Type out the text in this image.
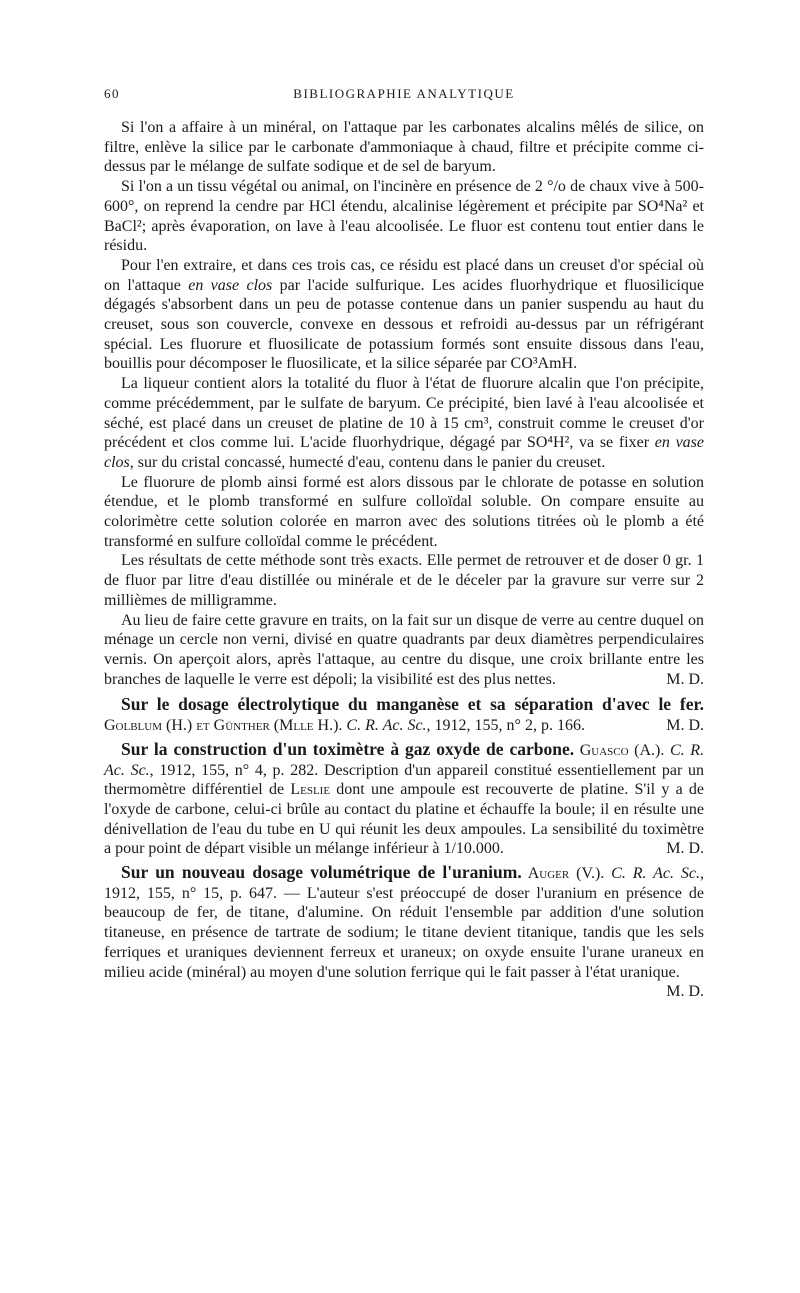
60	BIBLIOGRAPHIE ANALYTIQUE

Si l'on a affaire à un minéral, on l'attaque par les carbonates alcalins mêlés de silice, on filtre, enlève la silice par le carbonate d'ammoniaque à chaud, filtre et précipite comme ci-dessus par le mélange de sulfate sodique et de sel de baryum.

Si l'on a un tissu végétal ou animal, on l'incinère en présence de 2 °/o de chaux vive à 500-600°, on reprend la cendre par HCl étendu, alcalinise légèrement et précipite par SO⁴Na² et BaCl²; après évaporation, on lave à l'eau alcoolisée. Le fluor est contenu tout entier dans le résidu.

Pour l'en extraire, et dans ces trois cas, ce résidu est placé dans un creuset d'or spécial où on l'attaque en vase clos par l'acide sulfurique. Les acides fluorhydrique et fluosilicique dégagés s'absorbent dans un peu de potasse contenue dans un panier suspendu au haut du creuset, sous son couvercle, convexe en dessous et refroidi au-dessus par un réfrigérant spécial. Les fluorure et fluosilicate de potassium formés sont ensuite dissous dans l'eau, bouillis pour décomposer le fluosilicate, et la silice séparée par CO³AmH.

La liqueur contient alors la totalité du fluor à l'état de fluorure alcalin que l'on précipite, comme précédemment, par le sulfate de baryum. Ce précipité, bien lavé à l'eau alcoolisée et séché, est placé dans un creuset de platine de 10 à 15 cm³, construit comme le creuset d'or précédent et clos comme lui. L'acide fluorhydrique, dégagé par SO⁴H², va se fixer en vase clos, sur du cristal concassé, humecté d'eau, contenu dans le panier du creuset.

Le fluorure de plomb ainsi formé est alors dissous par le chlorate de potasse en solution étendue, et le plomb transformé en sulfure colloïdal soluble. On compare ensuite au colorimètre cette solution colorée en marron avec des solutions titrées où le plomb a été transformé en sulfure colloïdal comme le précédent.

Les résultats de cette méthode sont très exacts. Elle permet de retrouver et de doser 0 gr. 1 de fluor par litre d'eau distillée ou minérale et de le déceler par la gravure sur verre sur 2 millièmes de milligramme.

Au lieu de faire cette gravure en traits, on la fait sur un disque de verre au centre duquel on ménage un cercle non verni, divisé en quatre quadrants par deux diamètres perpendiculaires vernis. On aperçoit alors, après l'attaque, au centre du disque, une croix brillante entre les branches de laquelle le verre est dépoli; la visibilité est des plus nettes.	M. D.

Sur le dosage électrolytique du manganèse et sa séparation d'avec le fer. Golblum (H.) et Günther (Mlle H.). C. R. Ac. Sc., 1912, 155, n° 2, p. 166.	M. D.

Sur la construction d'un toximètre à gaz oxyde de carbone. Guasco (A.). C. R. Ac. Sc., 1912, 155, n° 4, p. 282. Description d'un appareil constitué essentiellement par un thermomètre différentiel de Leslie dont une ampoule est recouverte de platine. S'il y a de l'oxyde de carbone, celui-ci brûle au contact du platine et échauffe la boule; il en résulte une dénivellation de l'eau du tube en U qui réunit les deux ampoules. La sensibilité du toximètre a pour point de départ visible un mélange inférieur à 1/10.000.	M. D.

Sur un nouveau dosage volumétrique de l'uranium. Auger (V.). C. R. Ac. Sc., 1912, 155, n° 15, p. 647. — L'auteur s'est préoccupé de doser l'uranium en présence de beaucoup de fer, de titane, d'alumine. On réduit l'ensemble par addition d'une solution titaneuse, en présence de tartrate de sodium; le titane devient titanique, tandis que les sels ferriques et uraniques deviennent ferreux et uraneux; on oxyde ensuite l'urane uraneux en milieu acide (minéral) au moyen d'une solution ferrique qui le fait passer à l'état uranique.
M. D.
